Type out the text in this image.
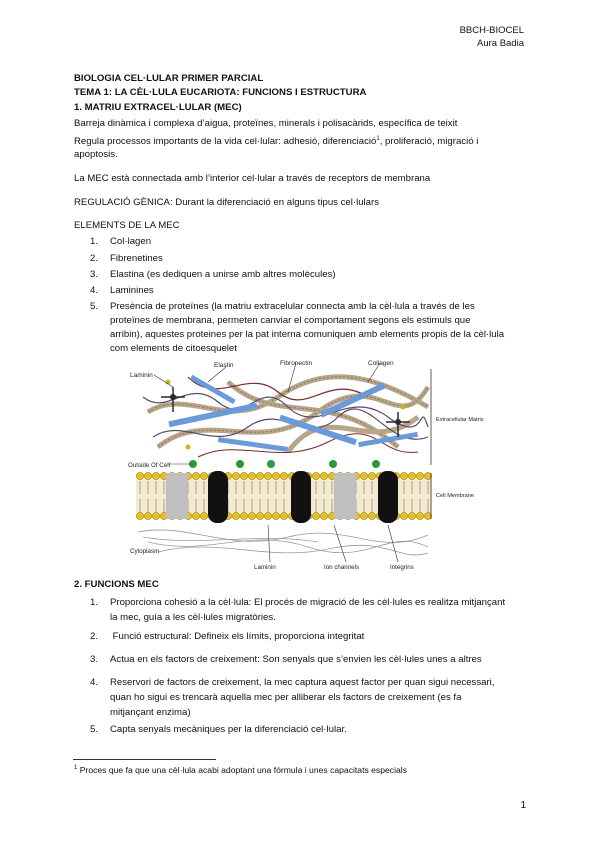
BBCH-BIOCEL
Aura Badia
BIOLOGIA CEL·LULAR PRIMER PARCIAL
TEMA 1: LA CÈL·LULA EUCARIOTA: FUNCIONS I ESTRUCTURA
1. MATRIU EXTRACEL·LULAR (MEC)
Barreja dinàmica i complexa d’aigua, proteïnes, minerals i polisacàrids, específica de teixit
Regula processos importants de la vida cel·lular: adhesió, diferenciació$^1$, proliferació, migració i
apoptosis.
La MEC està connectada amb l’interior cel·lular a través de receptors de membrana
REGULACIÓ GÈNICA: Durant la diferenciació en alguns tipus cel·lulars
ELEMENTS DE LA MEC
1.	Col·lagen
2.	Fibrenetines
3.	Elastina (es dediquen a unirse amb altres molècules)
4.	Laminines
5.	Presència de proteïnes (la matriu extracelular connecta amb la cèl·lula a través de les
proteïnes de membrana, permeten canviar el comportament segons els estimuls que
arribin), aquestes proteines per la pat interna comuniquen amb elements propis de la cèl·lula
com elements de citoesquelet
Laminin
Elastin	Fibronectin	Collagen
Extracellular Matrix
Outside Of Cell
Cell Membrane
Cytoplasm
Laminin	Ion channels	Integrins
2. FUNCIONS MEC
1.	Proporciona cohesió a la cèl·lula: El procés de migració de les cèl·lules es realitza mitjançant
la mec, guía a les cèl·lules migratòries.
2.	Funció estructural: Defineix els límits, proporciona integritat
3.	Actua en els factors de creixement: Son senyals que s’envien les cèl·lules unes a altres
4.	Reservori de factors de creixement, la mec captura aquest factor per quan sigui necessari,
quan ho sigui es trencarà aquella mec per alliberar els factors de creixement (es fa
mitjançant enzima)
5.	Capta senyals mecàniques per la diferenciació cel·lular.
$^1$ Proces que fa que una cèl·lula acabi adoptant una fórmula i unes capacitats especials
1
